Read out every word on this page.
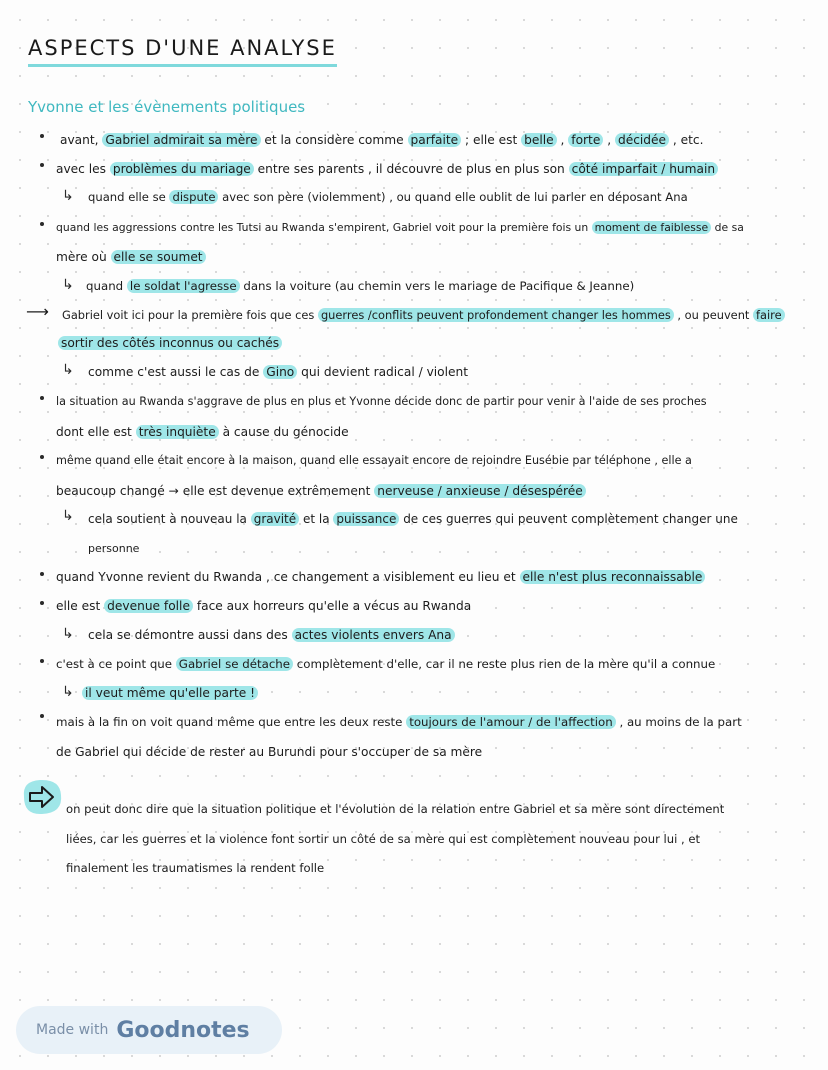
ASPECTS D'UNE ANALYSE
Yvonne et les évènements politiques
↳
↳
⟶
↳
↳
↳
↳
avant, Gabriel admirait sa mère et la considère comme parfaite ; elle est belle , forte , décidée , etc.
avec les problèmes du mariage entre ses parents , il découvre de plus en plus son côté imparfait / humain
quand elle se dispute avec son père (violemment) , ou quand elle oublit de lui parler en déposant Ana
quand les aggressions contre les Tutsi au Rwanda s'empirent, Gabriel voit pour la première fois un moment de faiblesse de sa
mère où elle se soumet
quand le soldat l'agresse dans la voiture (au chemin vers le mariage de Pacifique & Jeanne)
Gabriel voit ici pour la première fois que ces guerres /conflits peuvent profondement changer les hommes , ou peuvent faire
sortir des côtés inconnus ou cachés
comme c'est aussi le cas de Gino qui devient radical / violent
la situation au Rwanda s'aggrave de plus en plus et Yvonne décide donc de partir pour venir à l'aide de ses proches
dont elle est très inquiète à cause du génocide
même quand elle était encore à la maison, quand elle essayait encore de rejoindre Eusébie par téléphone , elle a
beaucoup changé → elle est devenue extrêmement nerveuse / anxieuse / désespérée
cela soutient à nouveau la gravité et la puissance de ces guerres qui peuvent complètement changer une
personne
quand Yvonne revient du Rwanda , ce changement a visiblement eu lieu et elle n'est plus reconnaissable
elle est devenue folle face aux horreurs qu'elle a vécus au Rwanda
cela se démontre aussi dans des actes violents envers Ana
c'est à ce point que Gabriel se détache complètement d'elle, car il ne reste plus rien de la mère qu'il a connue
il veut même qu'elle parte !
mais à la fin on voit quand même que entre les deux reste toujours de l'amour / de l'affection , au moins de la part
de Gabriel qui décide de rester au Burundi pour s'occuper de sa mère
on peut donc dire que la situation politique et l'évolution de la relation entre Gabriel et sa mère sont directement
liées, car les guerres et la violence font sortir un côté de sa mère qui est complètement nouveau pour lui , et
finalement les traumatismes la rendent folle
Made with Goodnotes
